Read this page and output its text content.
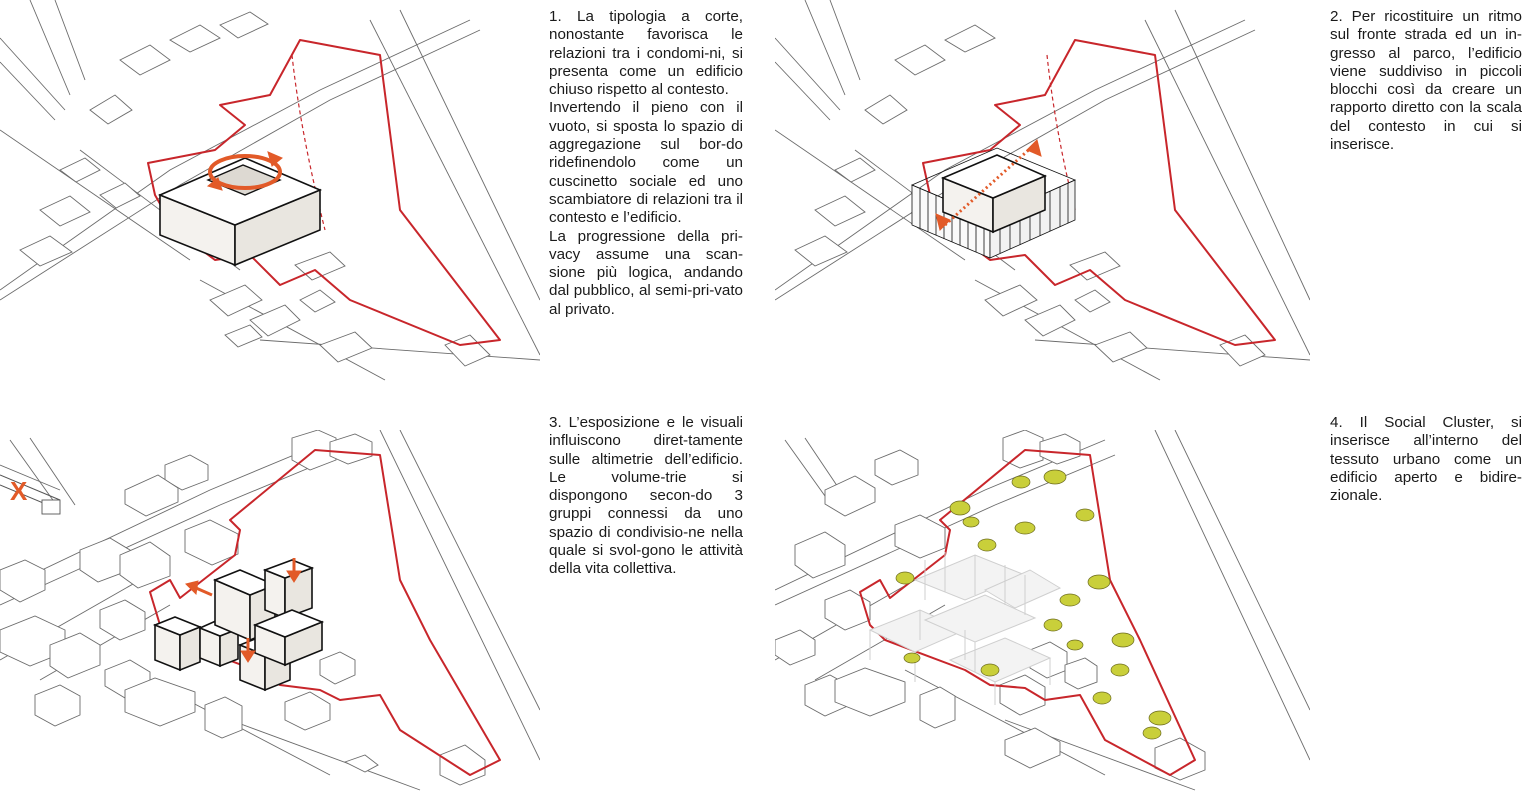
1. La tipologia a corte, nonostante favorisca le relazioni tra i condomi-ni, si presenta come un edificio chiuso rispetto al contesto.
Invertendo il pieno con il vuoto, si sposta lo spazio di aggregazione sul bor-do ridefinendolo come un cuscinetto sociale ed uno scambiatore di relazioni tra il contesto e l’edificio.
La progressione della pri-vacy assume una scan-sione più logica, andando dal pubblico, al semi-pri-vato al privato.
2. Per ricostituire un ritmo sul fronte strada ed un in-gresso al parco, l’edificio viene suddiviso in piccoli blocchi così da creare un rapporto diretto con la scala del contesto in cui si inserisce.
X
3. L’esposizione e le visuali influiscono diret-tamente sulle altimetrie dell’edificio. Le volume-trie si dispongono secon-do 3 gruppi connessi da uno spazio di condivisio-ne nella quale si svol-gono le attività della vita collettiva.
4. Il Social Cluster, si inserisce all’interno del tessuto urbano come un edificio aperto e bidire-zionale.
